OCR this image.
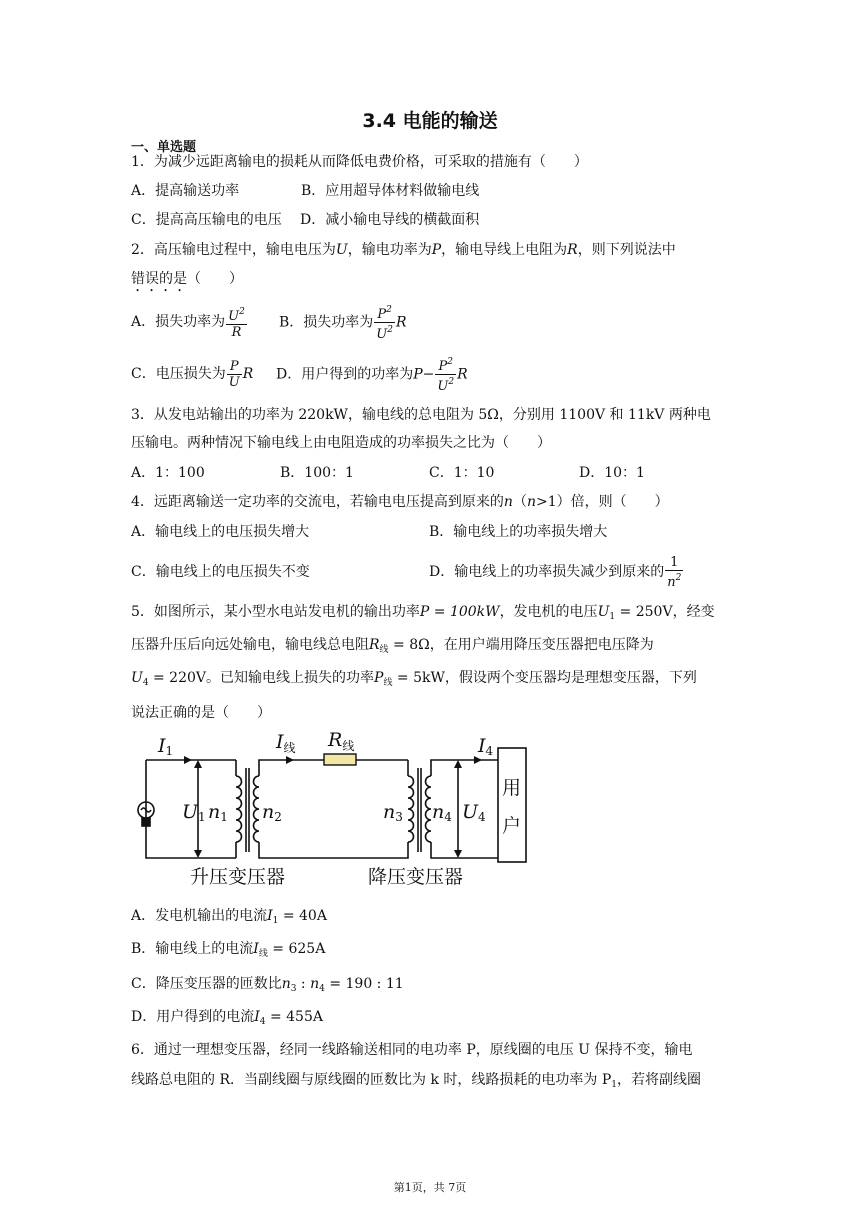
3.4 电能的输送
一、单选题
1．为减少远距离输电的损耗从而降低电费价格，可采取的措施有（　　）
A．提高输送功率	B．应用超导体材料做输电线
C．提高高压输电的电压 D．减小输电导线的横截面积
2．高压输电过程中，输电电压为U，输电功率为P，输电导线上电阻为R，则下列说法中
错误的是（　　）
A．损失功率为 $\frac{U^2}{R}$ B．损失功率为 $\frac{P^2}{U^2}$ R
C．电压损失为 $\frac{P}{U}$ R D．用户得到的功率为$P- \frac{P^2}{U^2}$ R
3．从发电站输出的功率为 220kW，输电线的总电阻为 5Ω，分别用 1100V 和 11kV 两种电
压输电。两种情况下输电线上由电阻造成的功率损失之比为（　　）
A．1：100	B．100：1	C．1：10	D．10：1
4．远距离输送一定功率的交流电，若输电电压提高到原来的n（n>1）倍，则（　　）
A．输电线上的电压损失增大	B．输电线上的功率损失增大
C．输电线上的电压损失不变	D．输电线上的功率损失减少到原来的 $\frac{1}{n^2}$
5．如图所示，某小型水电站发电机的输出功率P = 100kW，发电机的电压$U_1 = 250V$，经变
压器升压后向远处输电，输电线总电阻$R_线 = 8\Omega$，在用户端用降压变压器把电压降为
$U_4 = 220V$。已知输电线上损失的功率$P_线 = 5kW$，假设两个变压器均是理想变压器，下列
说法正确的是（　　）
I1	$I_线$ $R_线$	I4
U1 n1 n2	n3 n4 U4
用
户
升压变压器	降压变压器
A．发电机输出的电流$I_1 = 40A$
B．输电线上的电流$I_线 = 625A$
C．降压变压器的匝数比$n_3$ : $n_4 = 190$ : 11
D．用户得到的电流$I_4 = 455A$
6．通过一理想变压器，经同一线路输送相同的电功率 P，原线圈的电压 U 保持不变，输电
线路总电阻的 R．当副线圈与原线圈的匝数比为 k 时，线路损耗的电功率为 $P_1$，若将副线圈
第1页，共 7页
